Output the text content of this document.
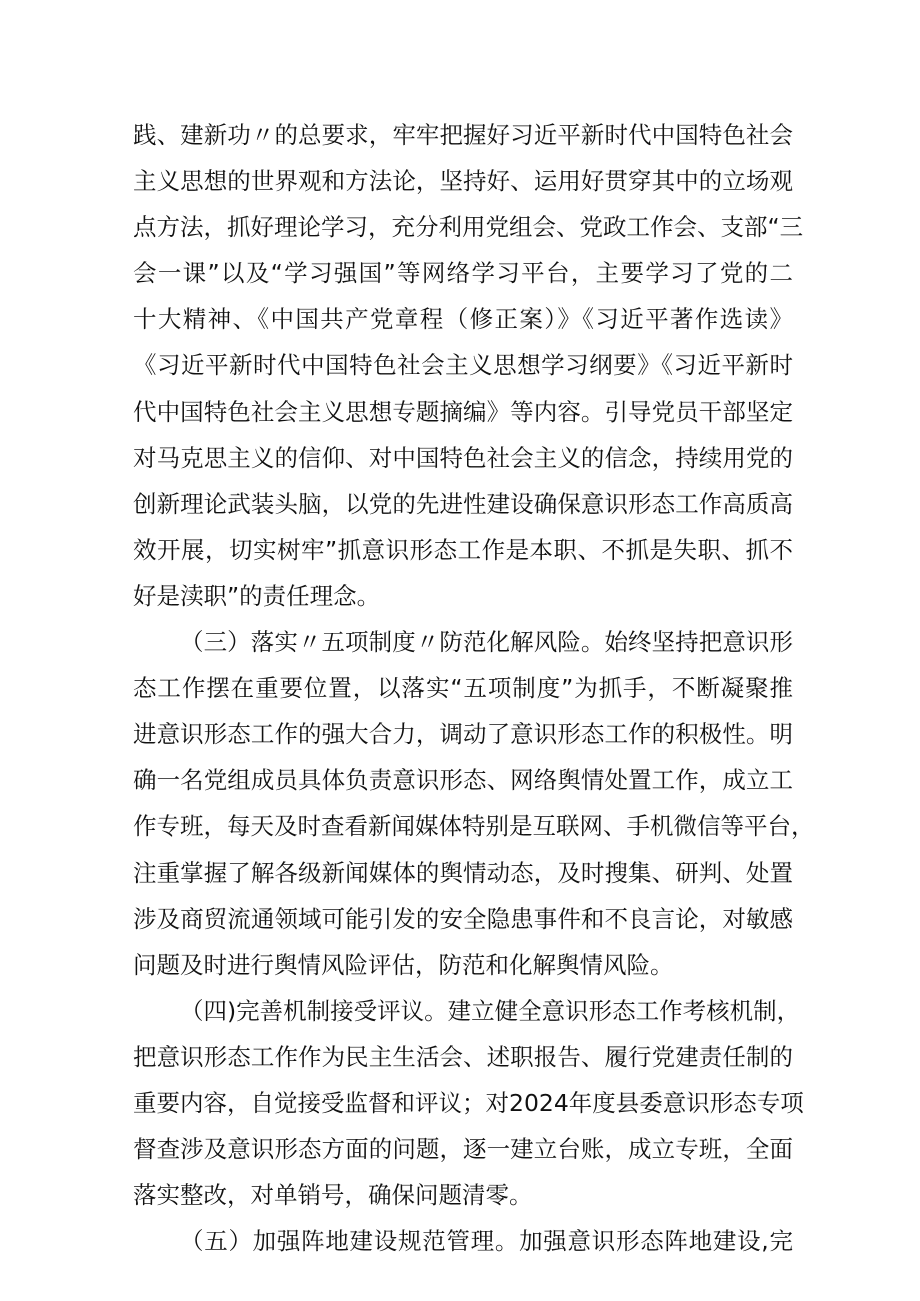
践、建新功〃的总要求，牢牢把握好习近平新时代中国特色社会
主义思想的世界观和方法论，坚持好、运用好贯穿其中的立场观
点方法，抓好理论学习，充分利用党组会、党政工作会、支部“三
会一课”以及“学习强国”等网络学习平台，主要学习了党的二
十大精神、《中国共产党章程（修正案）》《习近平著作选读》
《习近平新时代中国特色社会主义思想学习纲要》《习近平新时
代中国特色社会主义思想专题摘编》等内容。引导党员干部坚定
对马克思主义的信仰、对中国特色社会主义的信念，持续用党的
创新理论武装头脑，以党的先进性建设确保意识形态工作高质高
效开展，切实树牢”抓意识形态工作是本职、不抓是失职、抓不
好是渎职”的责任理念。
（三）落实〃五项制度〃防范化解风险。始终坚持把意识形
态工作摆在重要位置，以落实“五项制度”为抓手，不断凝聚推
进意识形态工作的强大合力，调动了意识形态工作的积极性。明
确一名党组成员具体负责意识形态、网络舆情处置工作，成立工
作专班，每天及时查看新闻媒体特别是互联网、手机微信等平台，
注重掌握了解各级新闻媒体的舆情动态，及时搜集、研判、处置
涉及商贸流通领域可能引发的安全隐患事件和不良言论，对敏感
问题及时进行舆情风险评估，防范和化解舆情风险。
（四)完善机制接受评议。建立健全意识形态工作考核机制，
把意识形态工作作为民主生活会、述职报告、履行党建责任制的
重要内容，自觉接受监督和评议；对2024年度县委意识形态专项
督查涉及意识形态方面的问题，逐一建立台账，成立专班，全面
落实整改，对单销号，确保问题清零。
（五）加强阵地建设规范管理。加强意识形态阵地建设,完
